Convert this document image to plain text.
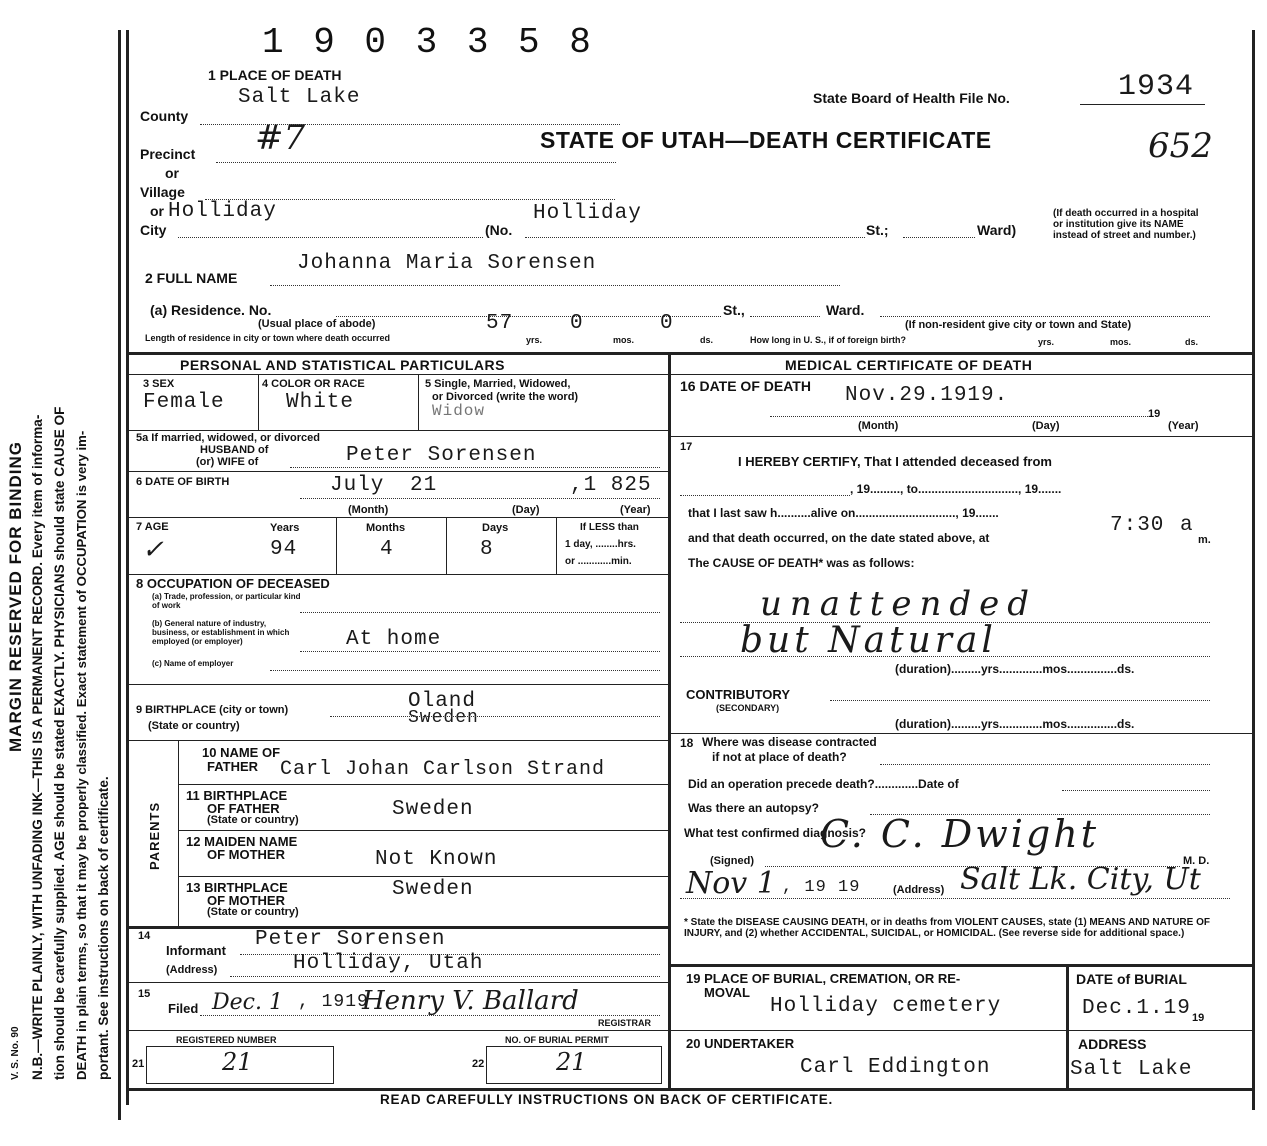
MARGIN RESERVED FOR BINDING N.B.—WRITE PLAINLY, WITH UNFADING INK—THIS IS A PERMANENT RECORD. Every item of informa- tion should be carefully supplied. AGE should be stated EXACTLY. PHYSICIANS should state CAUSE OF DEATH in plain terms, so that it may be properly classified. Exact statement of OCCUPATION is very im- portant. See instructions on back of certificate.
V. S. No. 90
1 9 0 3 3 5 8
1 PLACE OF DEATH
Salt Lake
County
State Board of Health File No.	1934
STATE OF UTAH—DEATH CERTIFICATE	652
Precinct #7
or
Village
or Holliday
City	(No.
Holliday
St.;	Ward)
(If death occurred in a hospital or institution give its NAME instead of street and number.)
2 FULL NAME
Johanna Maria Sorensen
(a) Residence. No.	St.,	Ward.
(Usual place of abode)	(If non-resident give city or town and State)
Length of residence in city or town where death occurred
57
yrs.
0
mos.
0
ds.	How long in U. S., if of foreign birth?	yrs.	mos.	ds.
PERSONAL AND STATISTICAL PARTICULARS	MEDICAL CERTIFICATE OF DEATH
3 SEX
Female
4 COLOR OR RACE
White
5 Single, Married, Widowed,
or Divorced (write the word)
Widow
5a If married, widowed, or divorced
HUSBAND of
(or) WIFE of	Peter Sorensen
6 DATE OF BIRTH	July 21	,1 825
(Month)	(Day)	(Year)
7 AGE
✓
Years
94
Months
4
Days
8
If LESS than
1 day, ........hrs.
or ............min.
8 OCCUPATION OF DECEASED
(a) Trade, profession, or particular kind of work
(b) General nature of industry, business, or establishment in which employed (or employer)	At home
(c) Name of employer
9 BIRTHPLACE (city or town)
(State or country)
Oland
Sweden
PARENTS
10 NAME OF
FATHER Carl Johan Carlson Strand
11 BIRTHPLACE
OF FATHER
(State or country)	Sweden
12 MAIDEN NAME
OF MOTHER	Not Known
13 BIRTHPLACE
OF MOTHER
(State or country)
Sweden
14
Informant Peter Sorensen
(Address)	Holliday, Utah
15
Filed Dec. 1 , 1919
Henry V. Ballard
REGISTRAR
21
REGISTERED NUMBER
21	22
NO. OF BURIAL PERMIT
21
16 DATE OF DEATH Nov.29.1919.
19
(Month)	(Day)	(Year)
17
I HEREBY CERTIFY, That I attended deceased from
, 19........., to.............................., 19.......
that I last saw h..........alive on.............................., 19.......
and that death occurred, on the date stated above, at
7:30 a
m.
The CAUSE OF DEATH* was as follows:
unattended
but Natural
(duration).........yrs.............mos...............ds.
CONTRIBUTORY
(SECONDARY)
(duration).........yrs.............mos...............ds.
18 Where was disease contracted
if not at place of death?
Did an operation precede death?.............Date of
Was there an autopsy?
What test confirmed diagnosis?
C. C. Dwight
(Signed)	M. D.
Nov 1 , 19 19	(Address) Salt Lk. City, Ut
* State the DISEASE CAUSING DEATH, or in deaths from VIOLENT CAUSES, state (1) MEANS AND NATURE OF INJURY, and (2) whether ACCIDENTAL, SUICIDAL, or HOMICIDAL. (See reverse side for additional space.)
19 PLACE OF BURIAL, CREMATION, OR RE-
MOVAL
Holliday cemetery
DATE of BURIAL
Dec.1.19 19
20 UNDERTAKER
Carl Eddington
ADDRESS
Salt Lake
READ CAREFULLY INSTRUCTIONS ON BACK OF CERTIFICATE.
